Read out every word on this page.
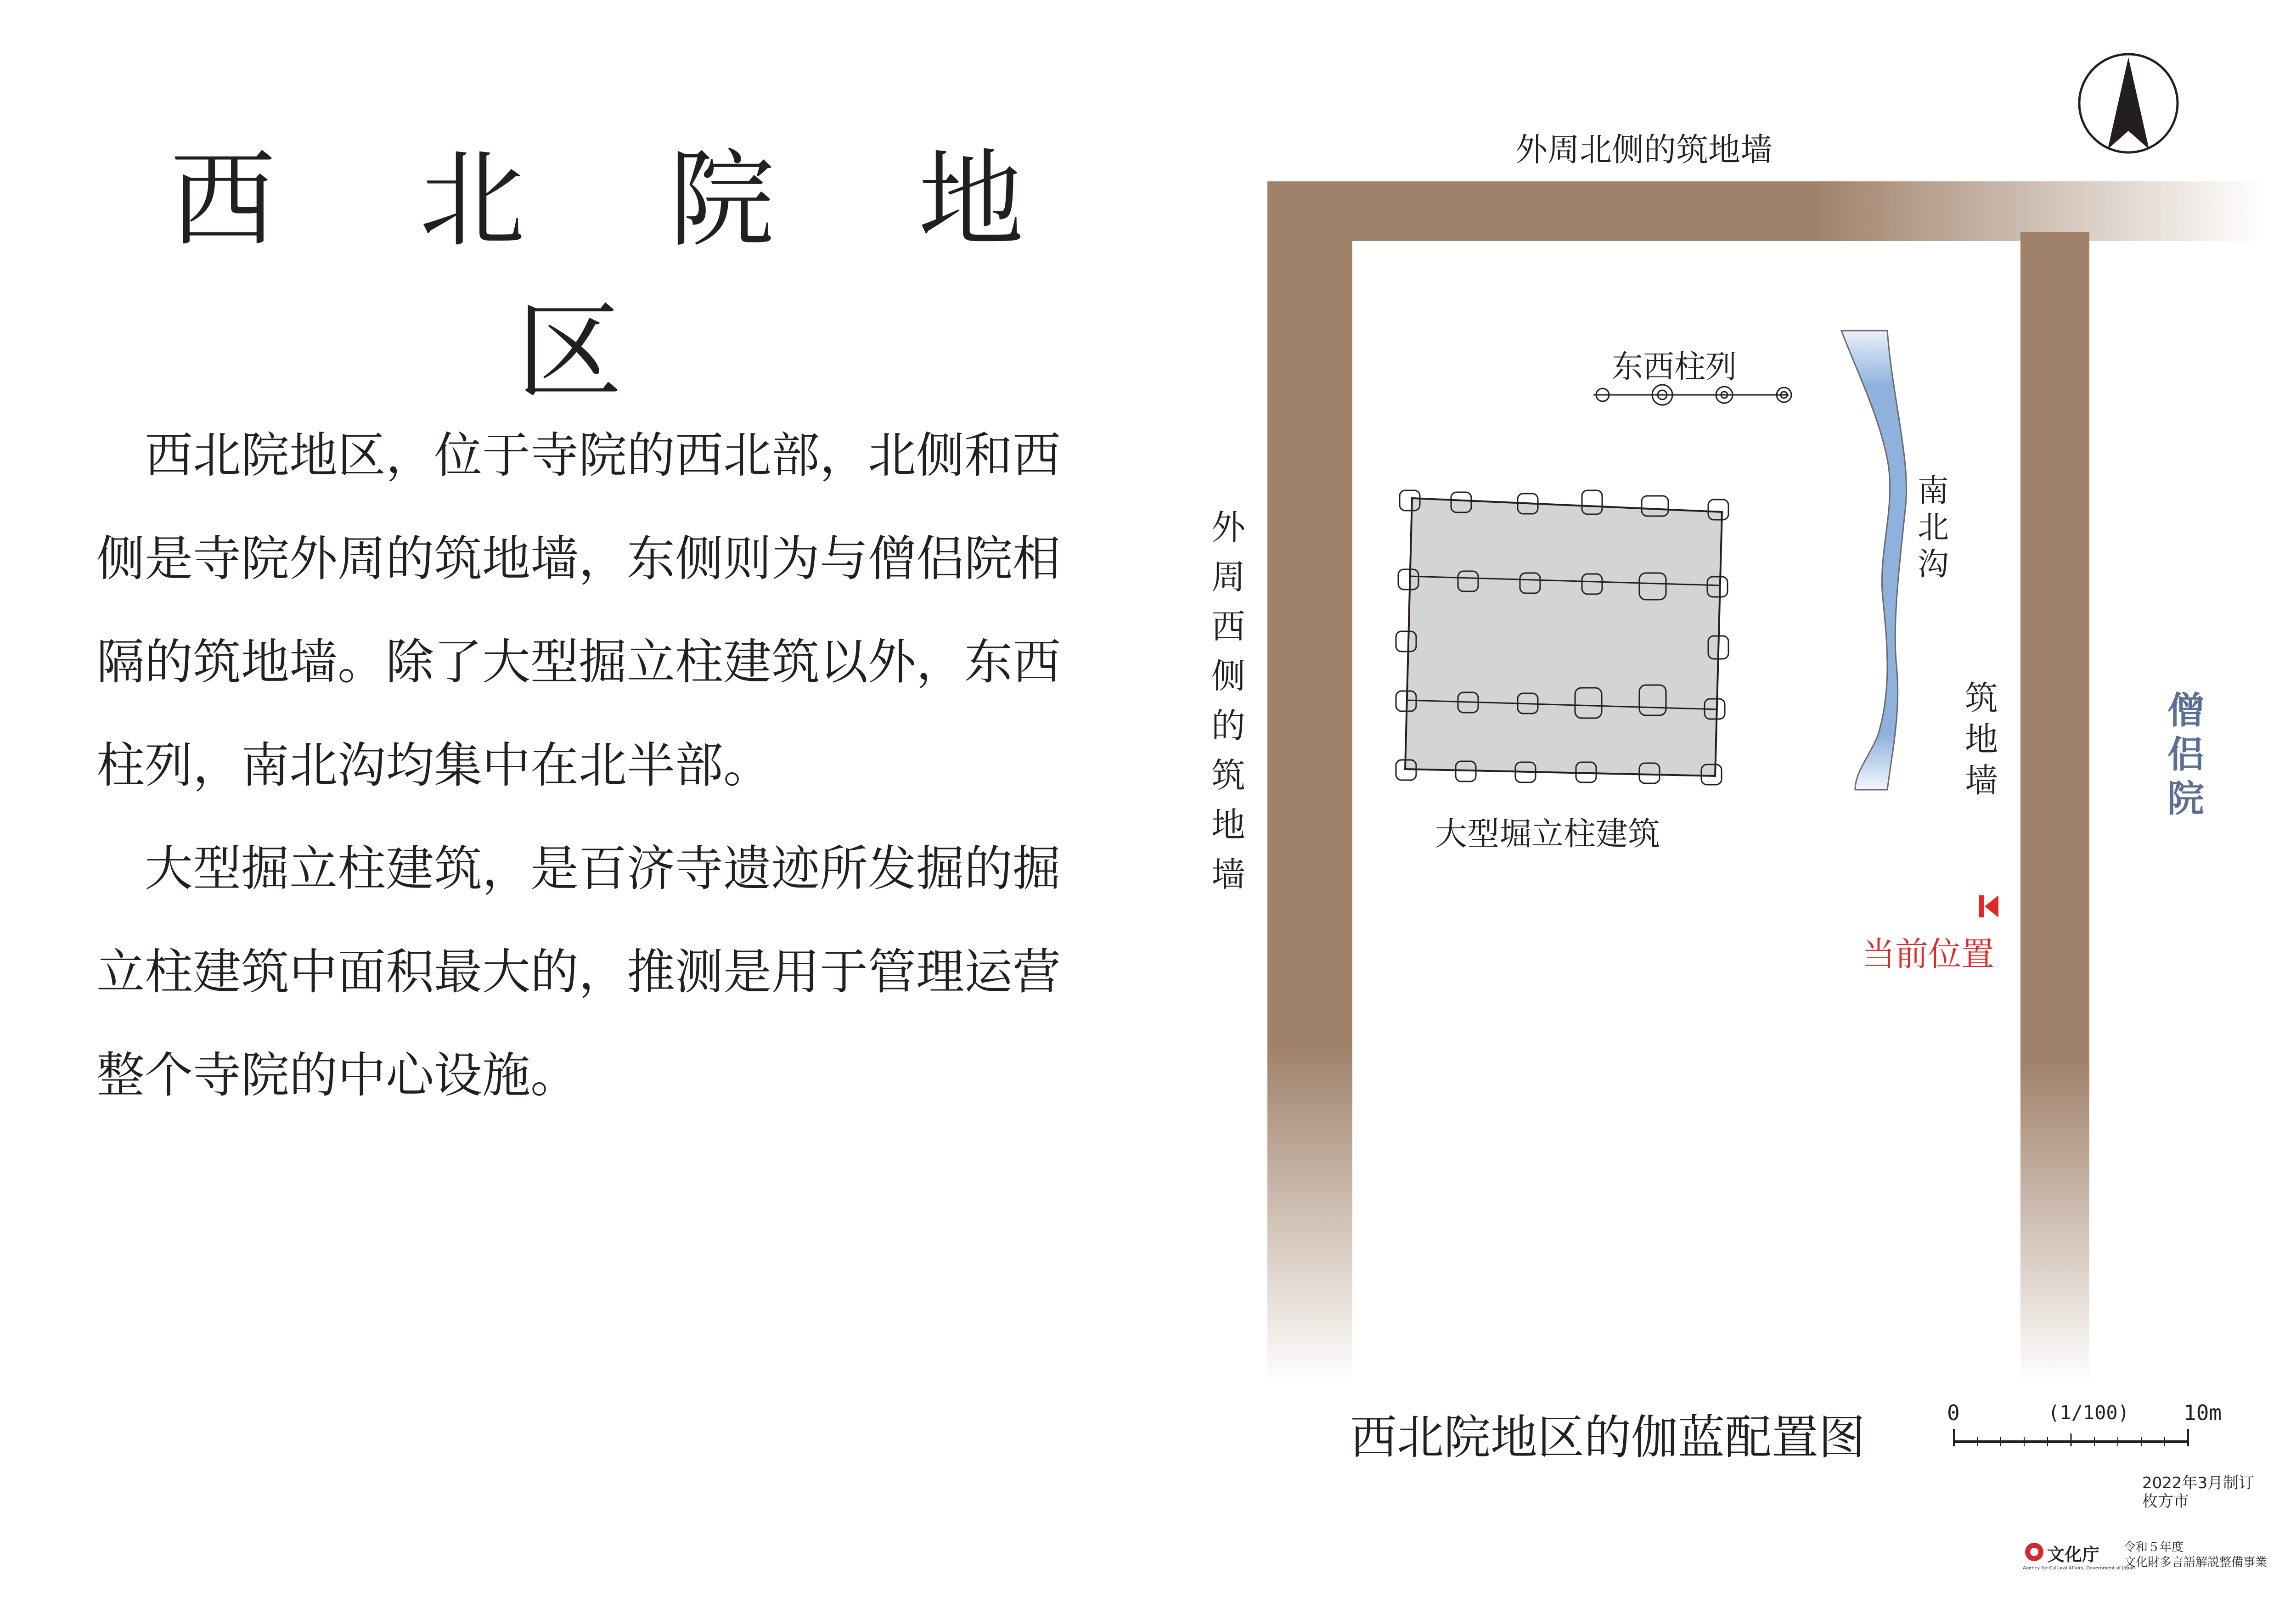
西 北 院 地 区
西北院地区，位于寺院的西北部，北侧和西侧是寺院外周的筑地墙，东侧则为与僧侣院相隔的筑地墙。除了大型掘立柱建筑以外，东西柱列，南北沟均集中在北半部。
大型掘立柱建筑，是百济寺遗迹所发掘的掘立柱建筑中面积最大的，推测是用于管理运营整个寺院的中心设施。
外周北侧的筑地墙
外周西侧的筑地墙
东西柱列
南北沟
筑地墙
僧侣院
大型堀立柱建筑
当前位置
西北院地区的伽蓝配置图	0	(1/100)	10m
2022年3月制订
枚方市
文化庁
Agency for Cultural Affairs, Government of Japan
令和５年度
文化財多言語解説整備事業
